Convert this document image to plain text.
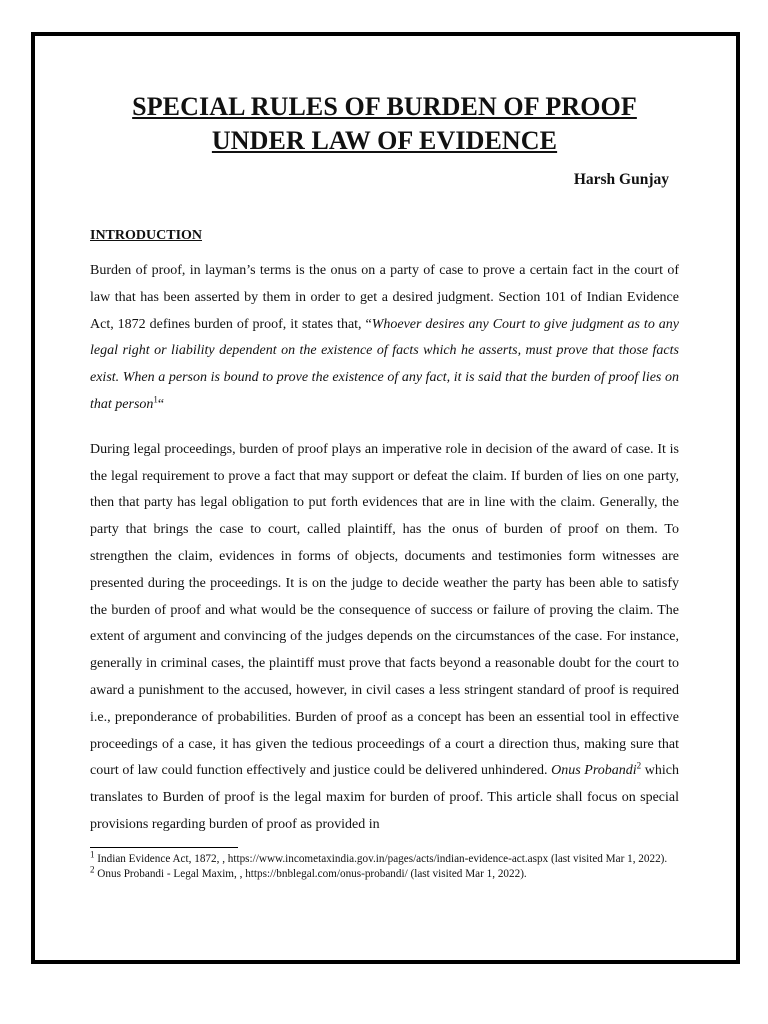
SPECIAL RULES OF BURDEN OF PROOF
UNDER LAW OF EVIDENCE
Harsh Gunjay
INTRODUCTION

Burden of proof, in layman’s terms is the onus on a party of case to prove a certain fact in the court of law that has been asserted by them in order to get a desired judgment. Section 101 of Indian Evidence Act, 1872 defines burden of proof, it states that, “Whoever desires any Court to give judgment as to any legal right or liability dependent on the existence of facts which he asserts, must prove that those facts exist. When a person is bound to prove the existence of any fact, it is said that the burden of proof lies on that person$^1$“

During legal proceedings, burden of proof plays an imperative role in decision of the award of case. It is the legal requirement to prove a fact that may support or defeat the claim. If burden of lies on one party, then that party has legal obligation to put forth evidences that are in line with the claim. Generally, the party that brings the case to court, called plaintiff, has the onus of burden of proof on them. To strengthen the claim, evidences in forms of objects, documents and testimonies form witnesses are presented during the proceedings. It is on the judge to decide weather the party has been able to satisfy the burden of proof and what would be the consequence of success or failure of proving the claim. The extent of argument and convincing of the judges depends on the circumstances of the case. For instance, generally in criminal cases, the plaintiff must prove that facts beyond a reasonable doubt for the court to award a punishment to the accused, however, in civil cases a less stringent standard of proof is required i.e., preponderance of probabilities. Burden of proof as a concept has been an essential tool in effective proceedings of a case, it has given the tedious proceedings of a court a direction thus, making sure that court of law could function effectively and justice could be delivered unhindered. Onus Probandi$^2$ which translates to Burden of proof is the legal maxim for burden of proof. This article shall focus on special provisions regarding burden of proof as provided in

$^1$ Indian Evidence Act, 1872, , https://www.incometaxindia.gov.in/pages/acts/indian-evidence-act.aspx (last visited Mar 1, 2022).

$^2$ Onus Probandi - Legal Maxim, , https://bnblegal.com/onus-probandi/ (last visited Mar 1, 2022).
